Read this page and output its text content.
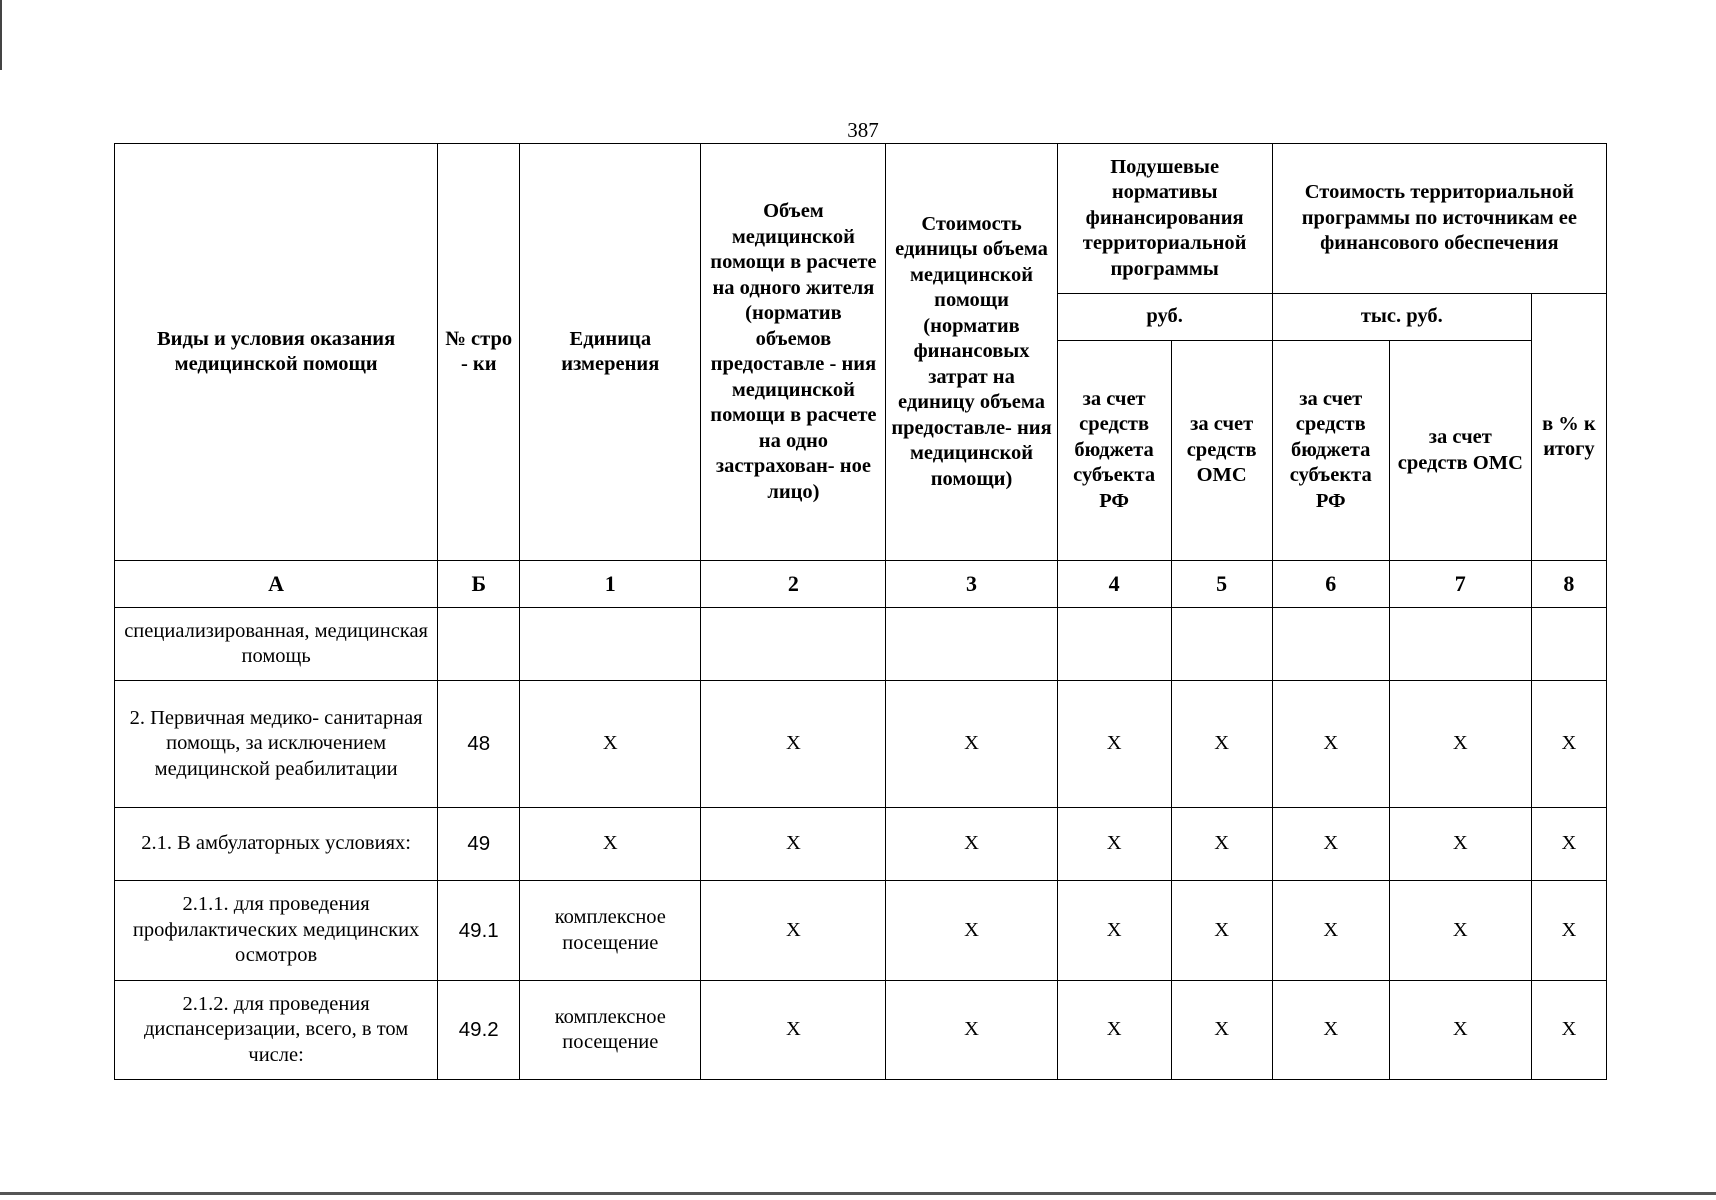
387
Виды и условия оказания медицинской помощи	№ стро - ки	Единица измерения	Объем медицинской помощи в расчете на одного жителя (норматив объемов предоставле - ния медицинской помощи в расчете на одно застрахован- ное лицо)	Стоимость единицы объема медицинской помощи (норматив финансовых затрат на единицу объема предоставле- ния медицинской помощи)	Подушевые нормативы финансирования территориальной программы		Стоимость территориальной программы по источникам ее финансового обеспечения		
					руб.		тыс. руб.		в % к итогу
					за счет средств бюджета субъекта РФ	за счет средств ОМС	за счет средств бюджета субъекта РФ	за счет средств ОМС	
А	Б	1	2	3	4	5	6	7	8
специализированная, медицинская помощь									
2. Первичная медико- санитарная помощь, за исключением медицинской реабилитации	48	Х	Х	Х	Х	Х	Х	Х	Х
2.1. В амбулаторных условиях:	49	Х	Х	Х	Х	Х	Х	Х	Х
2.1.1. для проведения профилактических медицинских осмотров	49.1	комплексное посещение	Х	Х	Х	Х	Х	Х	Х
2.1.2. для проведения диспансеризации, всего, в том числе:	49.2	комплексное посещение	Х	Х	Х	Х	Х	Х	Х
